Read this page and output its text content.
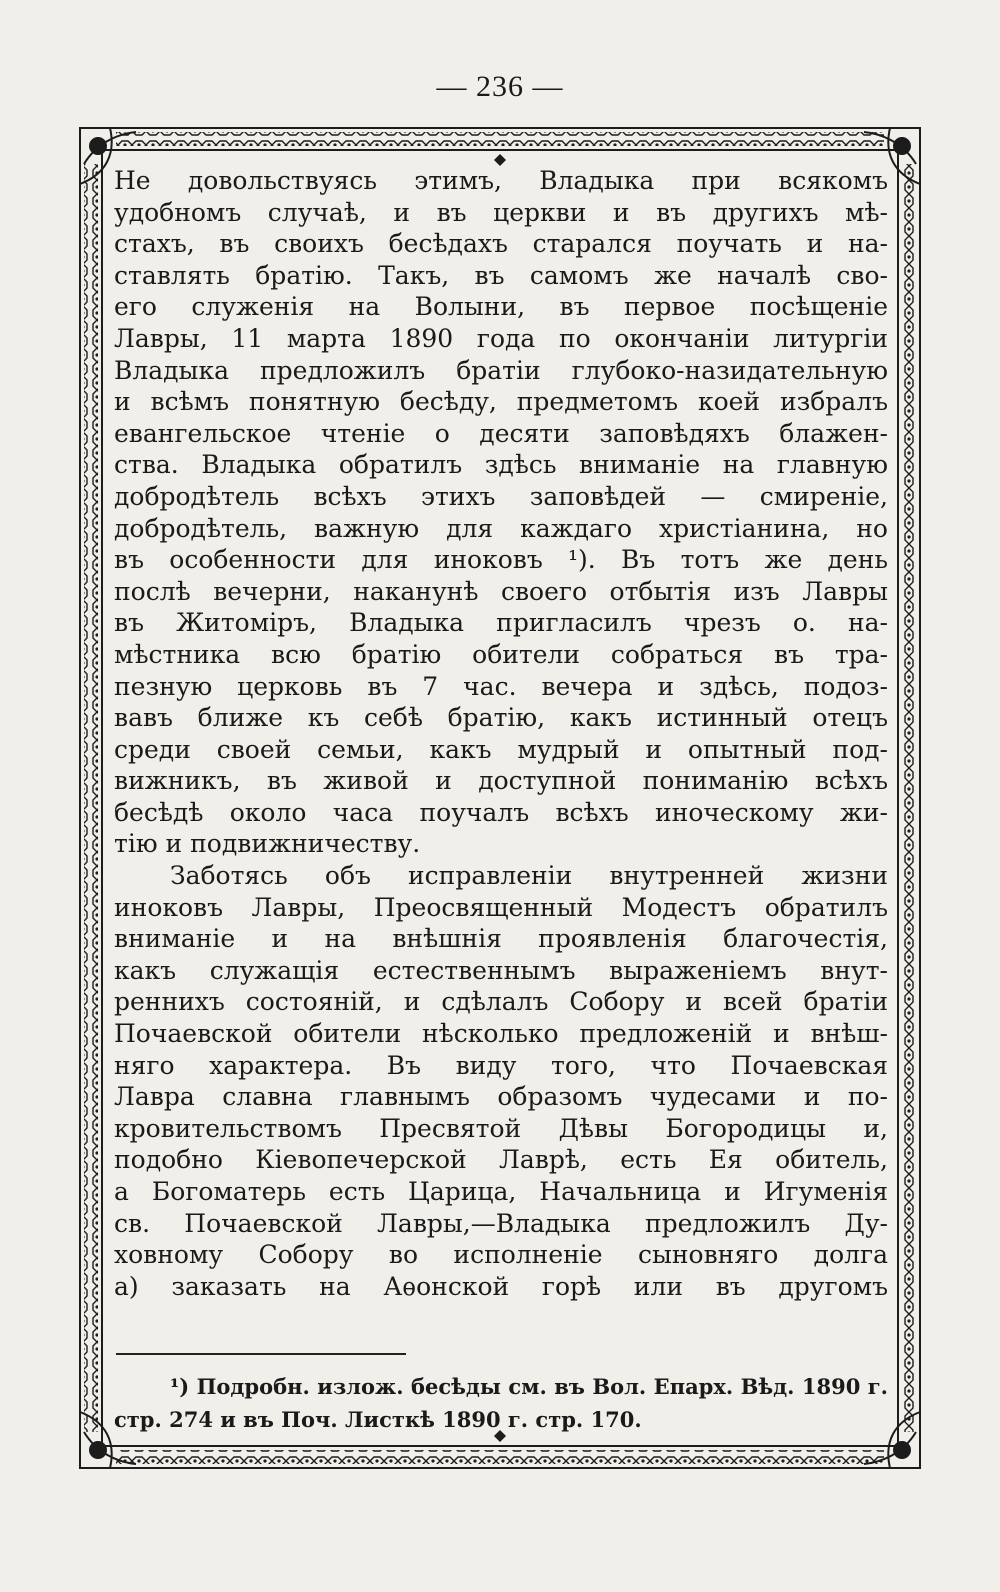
— 236 —
Не довольствуясь этимъ, Владыка при всякомъ
удобномъ случаѣ, и въ церкви и въ другихъ мѣ-
стахъ, въ своихъ бесѣдахъ старался поучать и на-
ставлять братію. Такъ, въ самомъ же началѣ сво-
его служенія на Волыни, въ первое посѣщеніе
Лавры, 11 марта 1890 года по окончаніи литургіи
Владыка предложилъ братіи глубоко-назидательную
и всѣмъ понятную бесѣду, предметомъ коей избралъ
евангельское чтеніе о десяти заповѣдяхъ блажен-
ства. Владыка обратилъ здѣсь вниманіе на главную
добродѣтель всѣхъ этихъ заповѣдей — смиреніе,
добродѣтель, важную для каждаго христіанина, но
въ особенности для иноковъ ¹). Въ тотъ же день
послѣ вечерни, наканунѣ своего отбытія изъ Лавры
въ Житоміръ, Владыка пригласилъ чрезъ о. на-
мѣстника всю братію обители собраться въ тра-
пезную церковь въ 7 час. вечера и здѣсь, подоз-
вавъ ближе къ себѣ братію, какъ истинный отецъ
среди своей семьи, какъ мудрый и опытный под-
вижникъ, въ живой и доступной пониманію всѣхъ
бесѣдѣ около часа поучалъ всѣхъ иноческому жи-
тію и подвижничеству.
Заботясь объ исправленіи внутренней жизни
иноковъ Лавры, Преосвященный Модестъ обратилъ
вниманіе и на внѣшнія проявленія благочестія,
какъ служащія естественнымъ выраженіемъ внут-
реннихъ состояній, и сдѣлалъ Собору и всей братіи
Почаевской обители нѣсколько предложеній и внѣш-
няго характера. Въ виду того, что Почаевская
Лавра славна главнымъ образомъ чудесами и по-
кровительствомъ Пресвятой Дѣвы Богородицы и,
подобно Кіевопечерской Лаврѣ, есть Ея обитель,
а Богоматерь есть Царица, Начальница и Игуменія
св. Почаевской Лавры,—Владыка предложилъ Ду-
ховному Собору во исполненіе сыновняго долга
а) заказать на Аѳонской горѣ или въ другомъ
¹) Подробн. излож. бесѣды см. въ Вол. Епарх. Вѣд. 1890 г.
стр. 274 и въ Поч. Листкѣ 1890 г. стр. 170.
